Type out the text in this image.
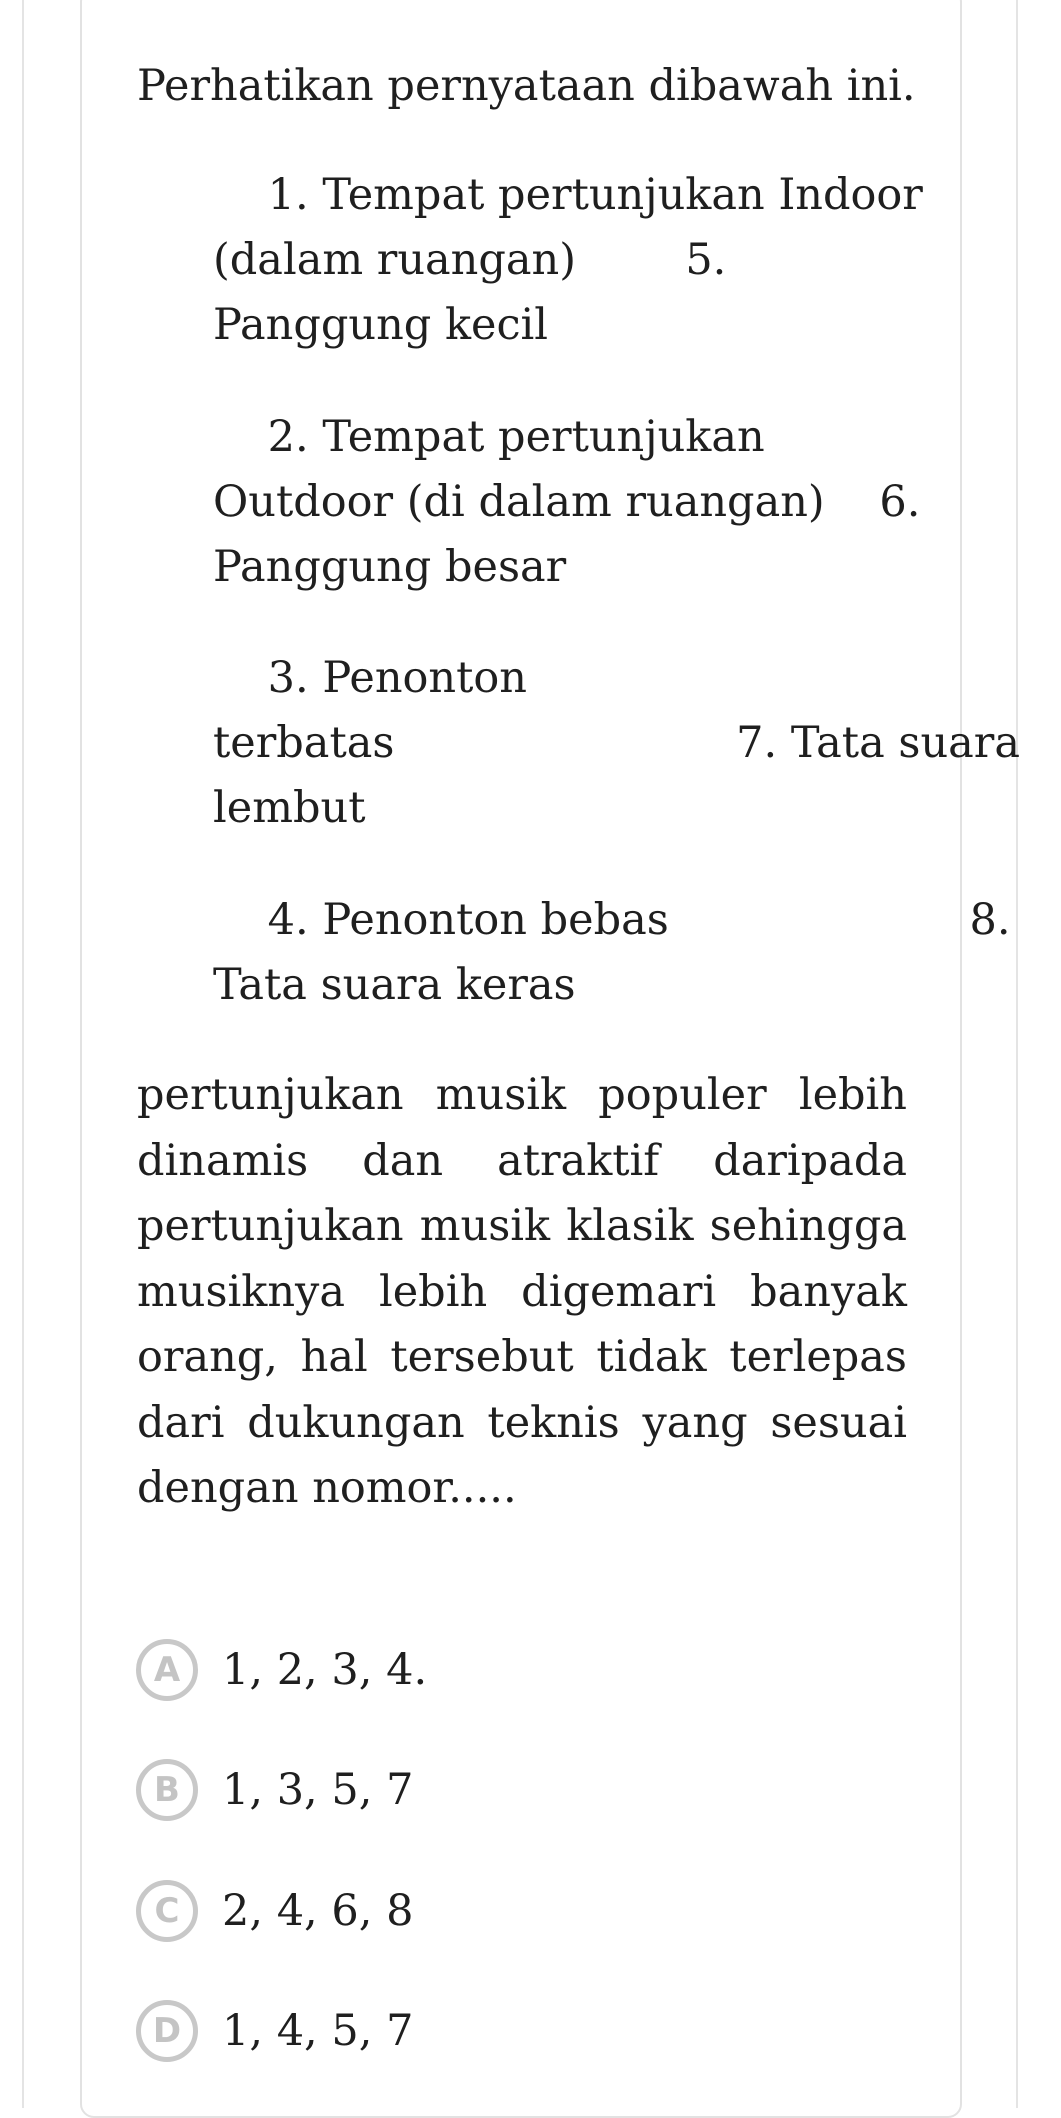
Perhatikan pernyataan dibawah ini.
1. Tempat pertunjukan Indoor
(dalam ruangan)        5.
Panggung kecil
2. Tempat pertunjukan
Outdoor (di dalam ruangan)    6.
Panggung besar
3. Penonton
terbatas                         7. Tata suara
lembut
4. Penonton bebas                      8.
Tata suara keras
pertunjukan musik populer lebih
dinamis dan atraktif daripada
pertunjukan musik klasik sehingga
musiknya lebih digemari banyak
orang, hal tersebut tidak terlepas
dari dukungan teknis yang sesuai
dengan nomor.....
A 1, 2, 3, 4.
B 1, 3, 5, 7
C 2, 4, 6, 8
D 1, 4, 5, 7
